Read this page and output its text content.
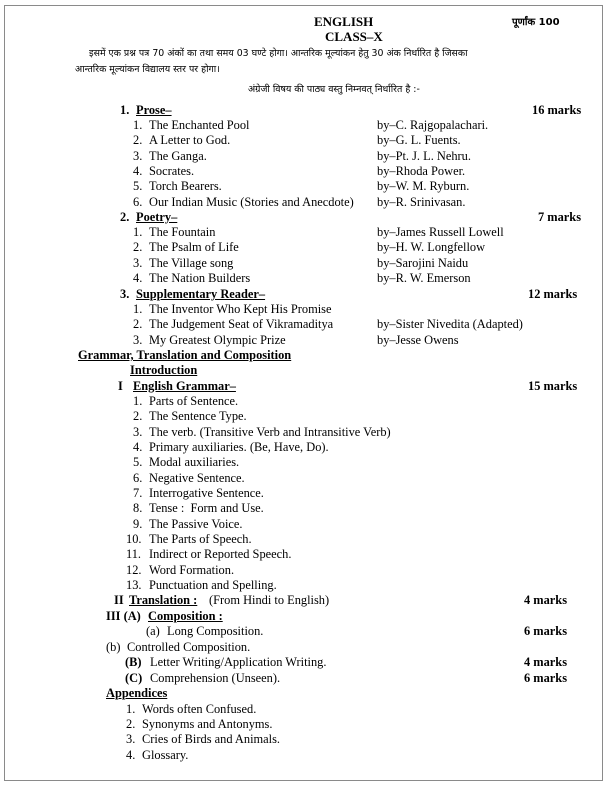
ENGLISH	पूर्णांक 100
CLASS–X
इसमें एक प्रश्न पत्र 70 अंकों का तथा समय 03 घण्टे होगा। आन्तरिक मूल्यांकन हेतु 30 अंक निर्धारित है जिसका
आन्तरिक मूल्यांकन विद्यालय स्तर पर होगा।
अंग्रेजी विषय की पाठ्य वस्तु निम्नवत् निर्धारित है :-
1. Prose–	16 marks
1. The Enchanted Pool	by–C. Rajgopalachari.
2. A Letter to God.	by–G. L. Fuents.
3. The Ganga.	by–Pt. J. L. Nehru.
4. Socrates.	by–Rhoda Power.
5. Torch Bearers.	by–W. M. Ryburn.
6. Our Indian Music (Stories and Anecdote) by–R. Srinivasan.
2. Poetry–	7 marks
1. The Fountain	by–James Russell Lowell
2. The Psalm of Life	by–H. W. Longfellow
3. The Village song	by–Sarojini Naidu
4. The Nation Builders	by–R. W. Emerson
3. Supplementary Reader–	12 marks
1. The Inventor Who Kept His Promise
2. The Judgement Seat of Vikramaditya	by–Sister Nivedita (Adapted)
3. My Greatest Olympic Prize	by–Jesse Owens
Grammar, Translation and Composition
Introduction
I English Grammar–	15 marks
1. Parts of Sentence.
2. The Sentence Type.
3. The verb. (Transitive Verb and Intransitive Verb)
4. Primary auxiliaries. (Be, Have, Do).
5. Modal auxiliaries.
6. Negative Sentence.
7. Interrogative Sentence.
8. Tense :  Form and Use.
9. The Passive Voice.
10. The Parts of Speech.
11. Indirect or Reported Speech.
12. Word Formation.
13. Punctuation and Spelling.
II Translation : (From Hindi to English)	4 marks
III (A) Composition :
(a) Long Composition.	6 marks
(b) Controlled Composition.
(B) Letter Writing/Application Writing.	4 marks
(C) Comprehension (Unseen).	6 marks
Appendices
1. Words often Confused.
2. Synonyms and Antonyms.
3. Cries of Birds and Animals.
4. Glossary.
